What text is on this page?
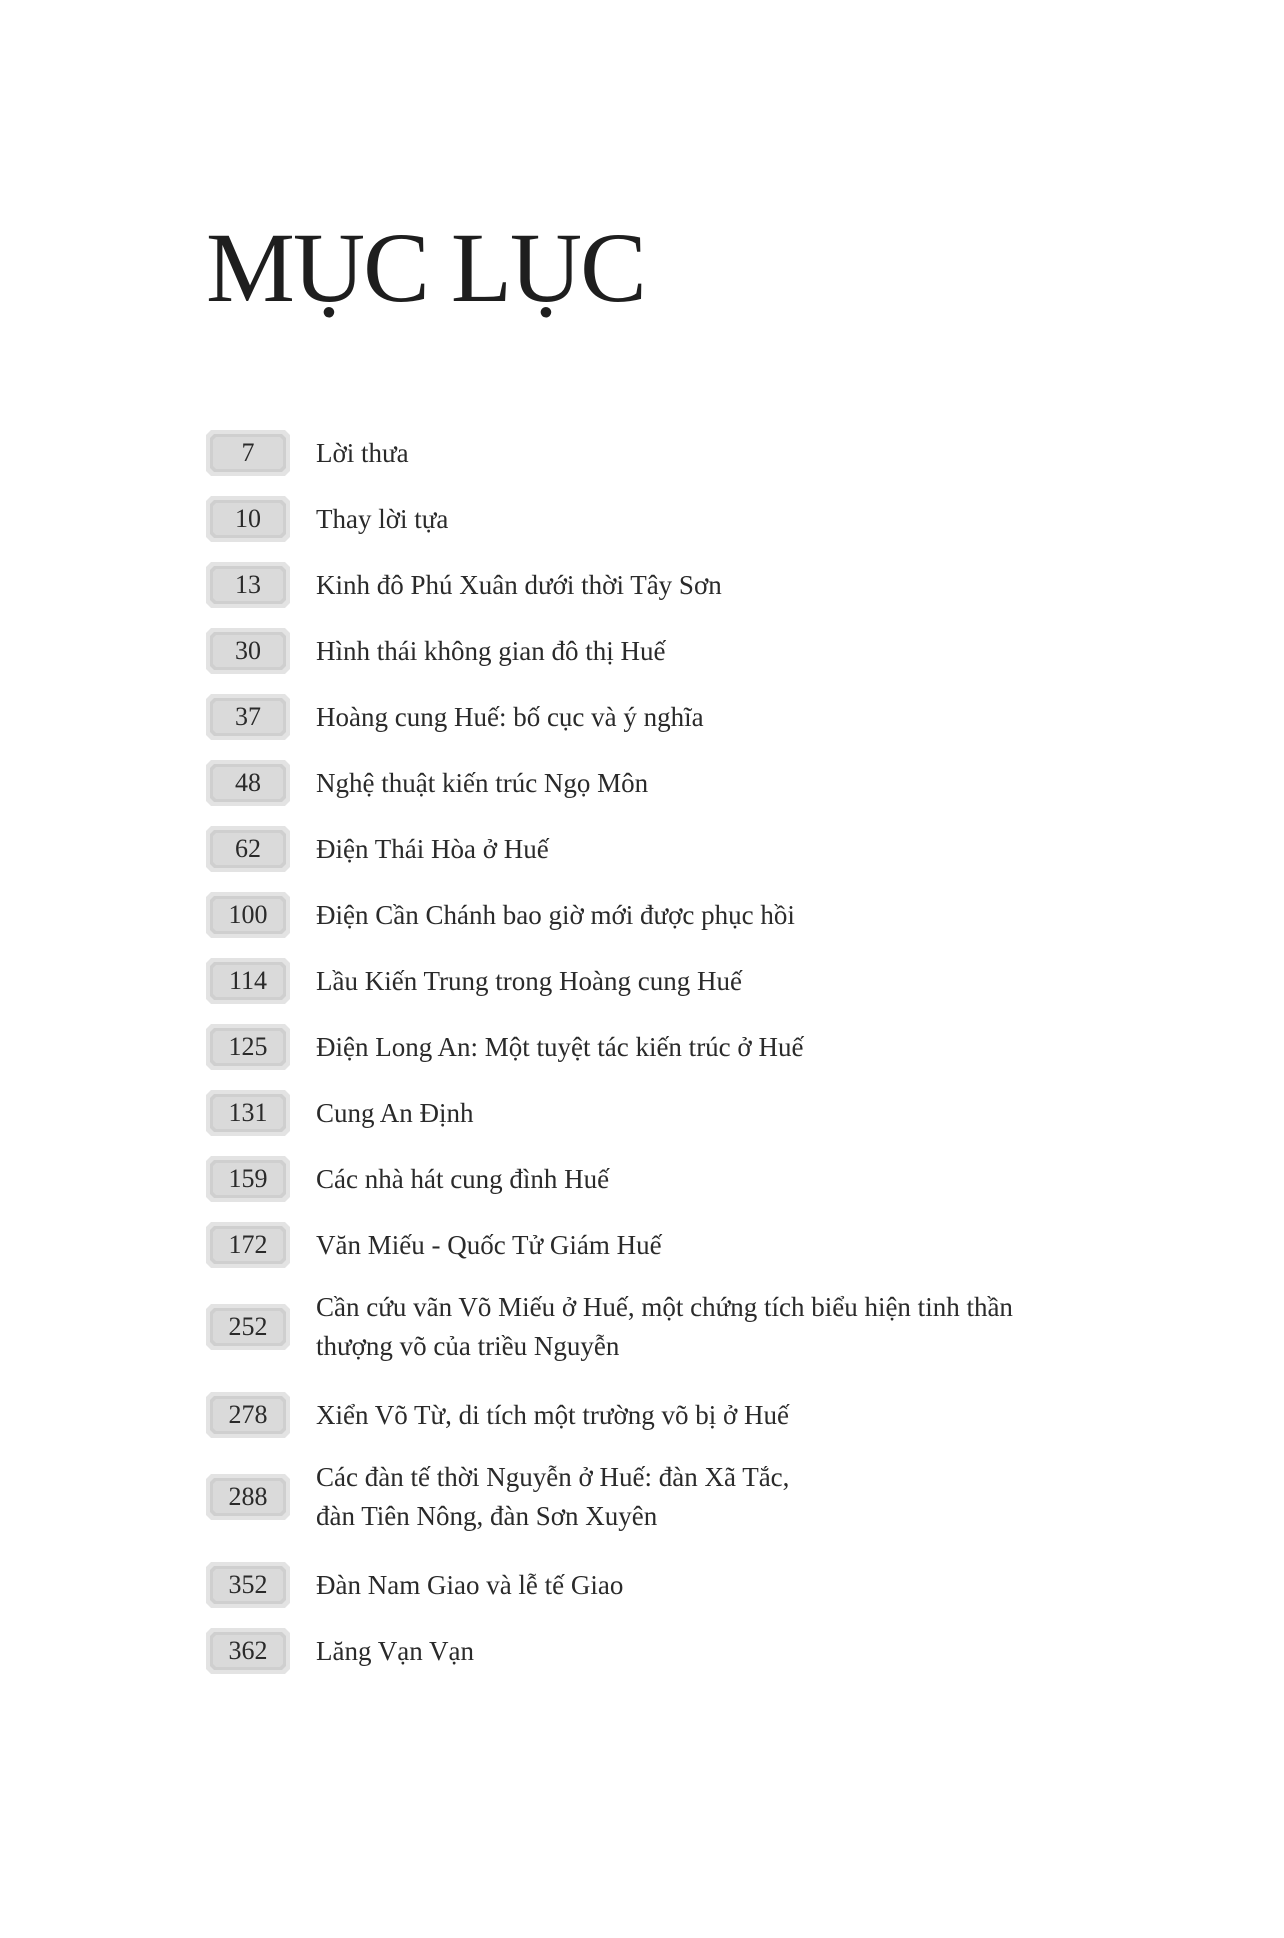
MỤC LỤC
7 Lời thưa
10 Thay lời tựa
13 Kinh đô Phú Xuân dưới thời Tây Sơn
30 Hình thái không gian đô thị Huế
37 Hoàng cung Huế: bố cục và ý nghĩa
48 Nghệ thuật kiến trúc Ngọ Môn
62 Điện Thái Hòa ở Huế
100 Điện Cần Chánh bao giờ mới được phục hồi
114 Lầu Kiến Trung trong Hoàng cung Huế
125 Điện Long An: Một tuyệt tác kiến trúc ở Huế
131 Cung An Định
159 Các nhà hát cung đình Huế
172 Văn Miếu - Quốc Tử Giám Huế
252
Cần cứu vãn Võ Miếu ở Huế, một chứng tích biểu hiện tinh thần
thượng võ của triều Nguyễn
278 Xiển Võ Từ, di tích một trường võ bị ở Huế
288
Các đàn tế thời Nguyễn ở Huế: đàn Xã Tắc,
đàn Tiên Nông, đàn Sơn Xuyên
352 Đàn Nam Giao và lễ tế Giao
362 Lăng Vạn Vạn
